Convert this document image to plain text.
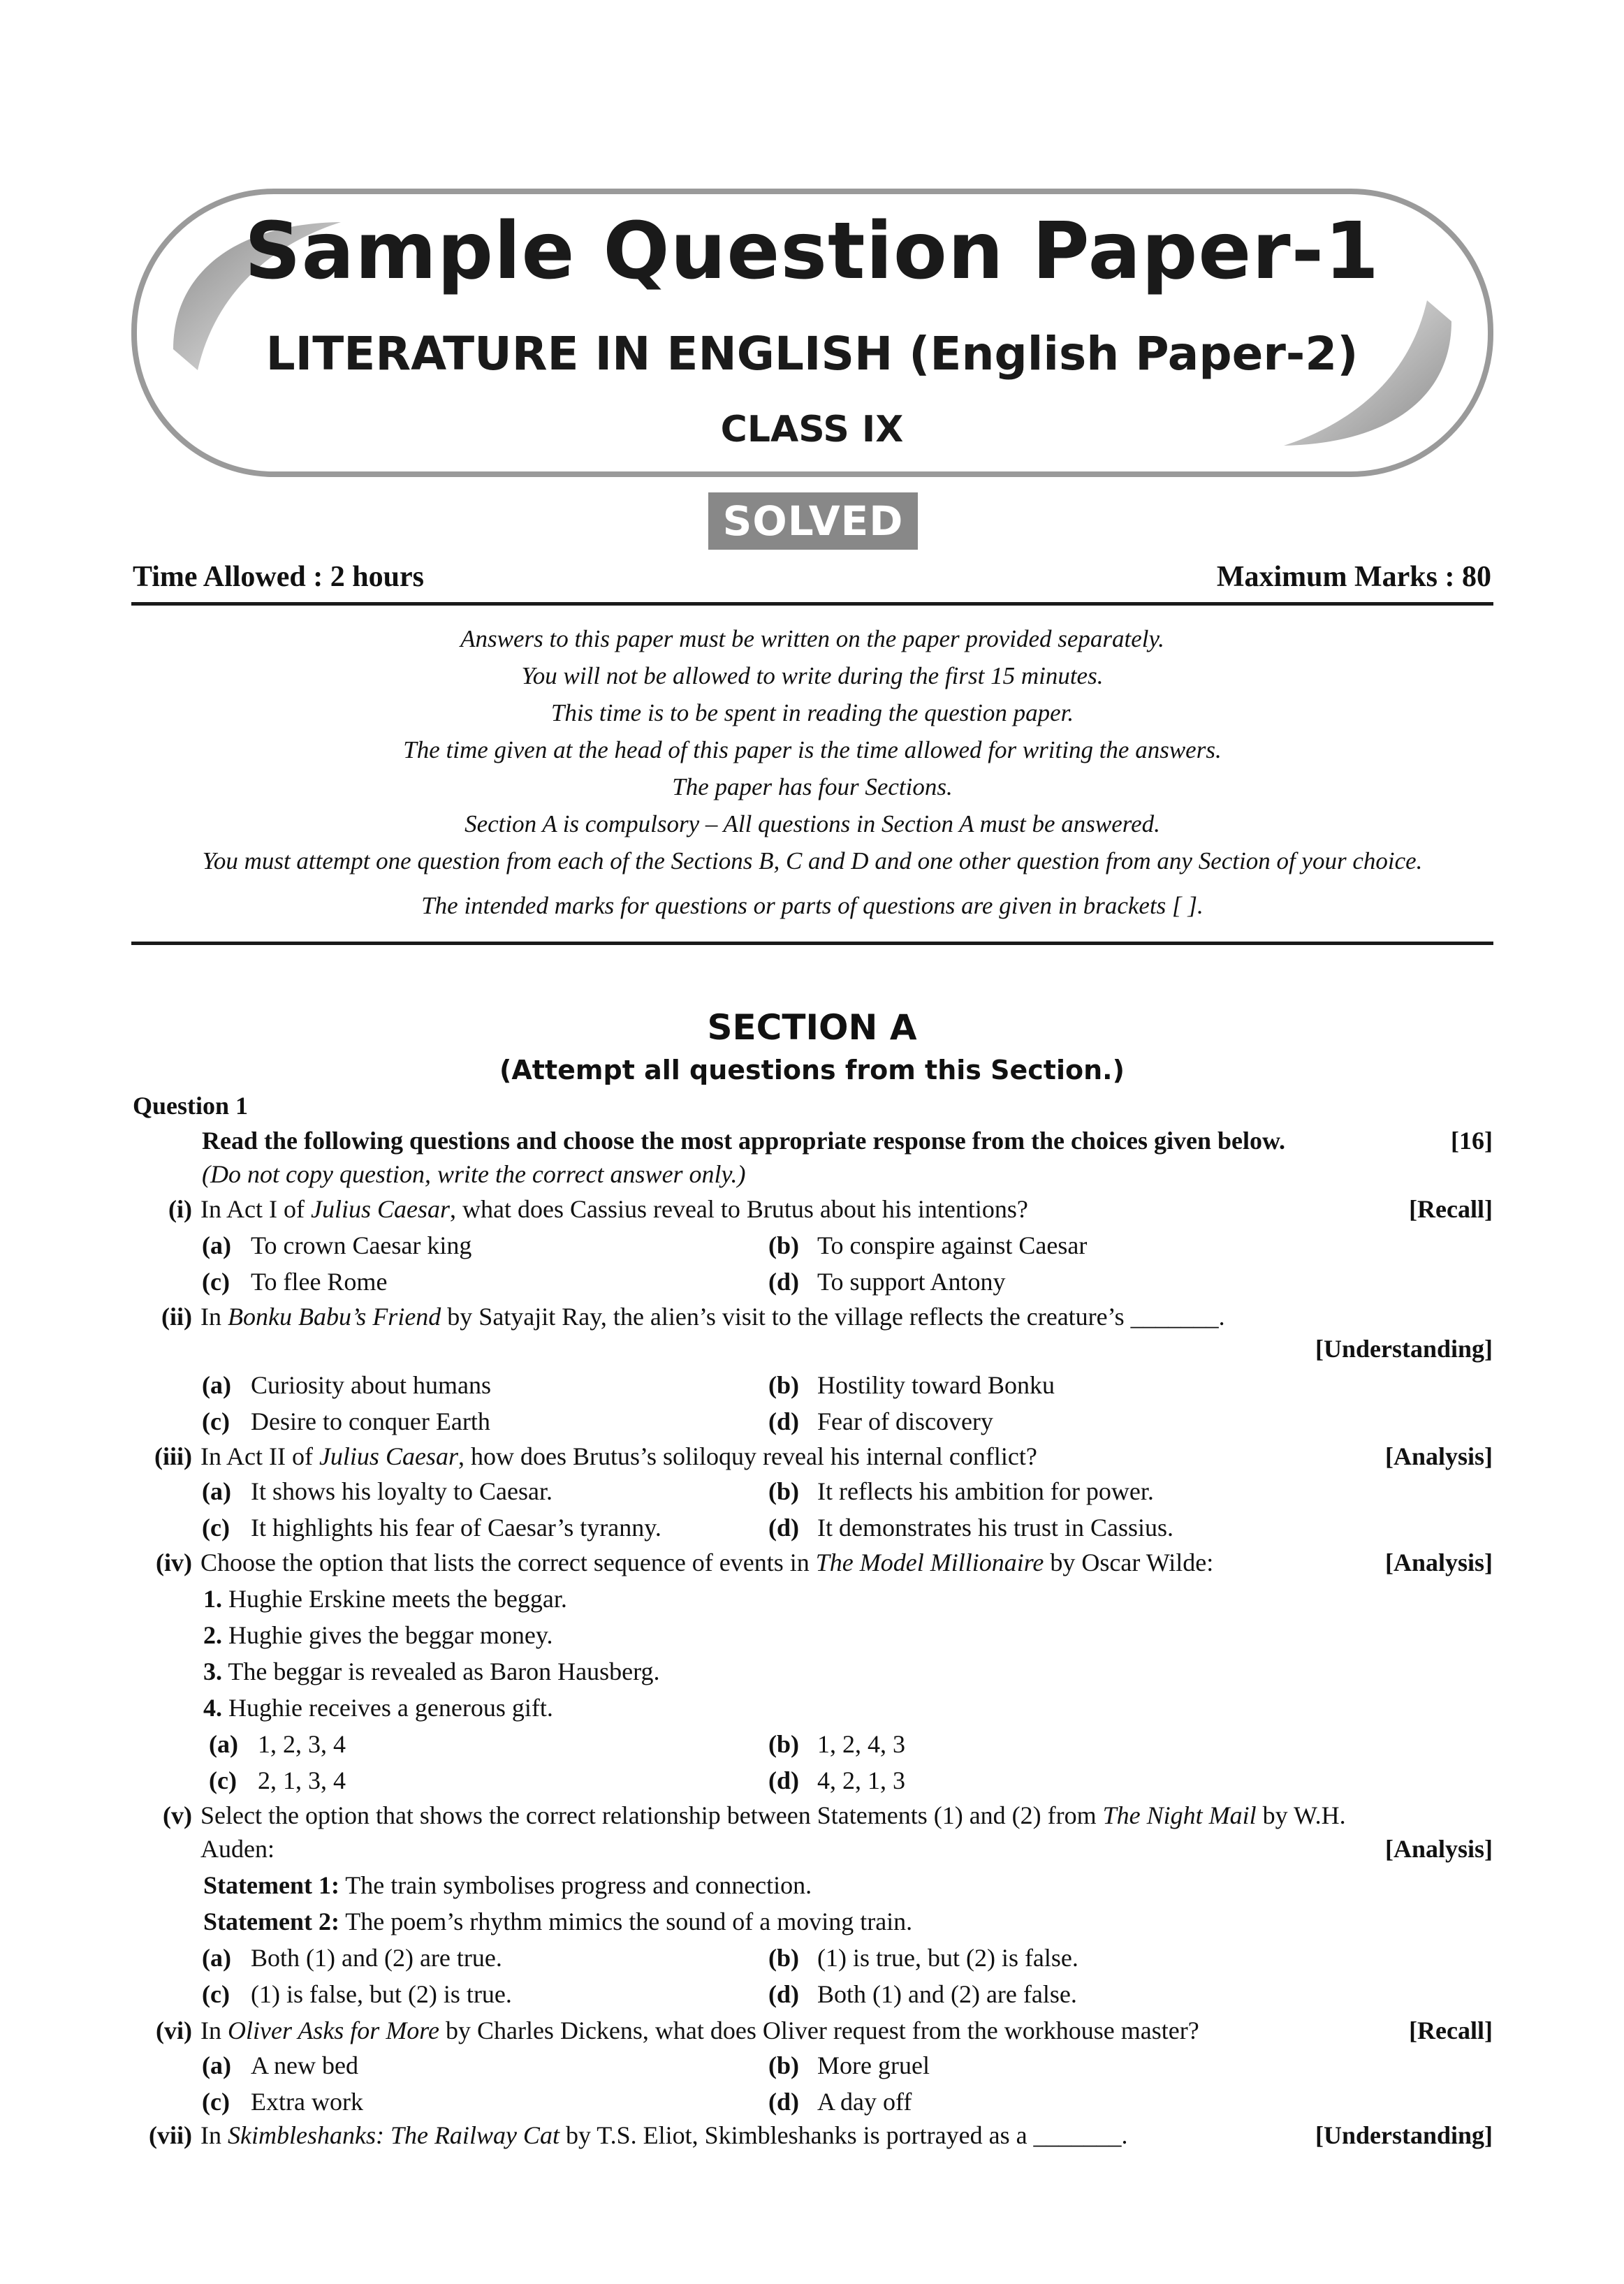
Sample Question Paper-1
LITERATURE IN ENGLISH (English Paper-2)
CLASS IX
SOLVED
Time Allowed : 2 hours	Maximum Marks : 80
Answers to this paper must be written on the paper provided separately.
You will not be allowed to write during the first 15 minutes.
This time is to be spent in reading the question paper.
The time given at the head of this paper is the time allowed for writing the answers.
The paper has four Sections.
Section A is compulsory – All questions in Section A must be answered.
You must attempt one question from each of the Sections B, C and D and one other question from any Section of your choice.
The intended marks for questions or parts of questions are given in brackets [ ].
SECTION A
(Attempt all questions from this Section.)
Question 1
Read the following questions and choose the most appropriate response from the choices given below.	[16]
(Do not copy question, write the correct answer only.)
(i) In Act I of Julius Caesar, what does Cassius reveal to Brutus about his intentions?	[Recall]
(a) To crown Caesar king	(b) To conspire against Caesar
(c) To flee Rome	(d) To support Antony
(ii) In Bonku Babu’s Friend by Satyajit Ray, the alien’s visit to the village reflects the creature’s _______.
[Understanding]
(a) Curiosity about humans	(b) Hostility toward Bonku
(c) Desire to conquer Earth	(d) Fear of discovery
(iii) In Act II of Julius Caesar, how does Brutus’s soliloquy reveal his internal conflict?	[Analysis]
(a) It shows his loyalty to Caesar.	(b) It reflects his ambition for power.
(c) It highlights his fear of Caesar’s tyranny.	(d) It demonstrates his trust in Cassius.
(iv) Choose the option that lists the correct sequence of events in The Model Millionaire by Oscar Wilde:	[Analysis]
1. Hughie Erskine meets the beggar.
2. Hughie gives the beggar money.
3. The beggar is revealed as Baron Hausberg.
4. Hughie receives a generous gift.
(a) 1, 2, 3, 4	(b) 1, 2, 4, 3
(c) 2, 1, 3, 4	(d) 4, 2, 1, 3
(v) Select the option that shows the correct relationship between Statements (1) and (2) from The Night Mail by W.H.
Auden:	[Analysis]
Statement 1: The train symbolises progress and connection.
Statement 2: The poem’s rhythm mimics the sound of a moving train.
(a) Both (1) and (2) are true.	(b) (1) is true, but (2) is false.
(c) (1) is false, but (2) is true.	(d) Both (1) and (2) are false.
(vi) In Oliver Asks for More by Charles Dickens, what does Oliver request from the workhouse master?	[Recall]
(a) A new bed	(b) More gruel
(c) Extra work	(d) A day off
(vii) In Skimbleshanks: The Railway Cat by T.S. Eliot, Skimbleshanks is portrayed as a _______.	[Understanding]
